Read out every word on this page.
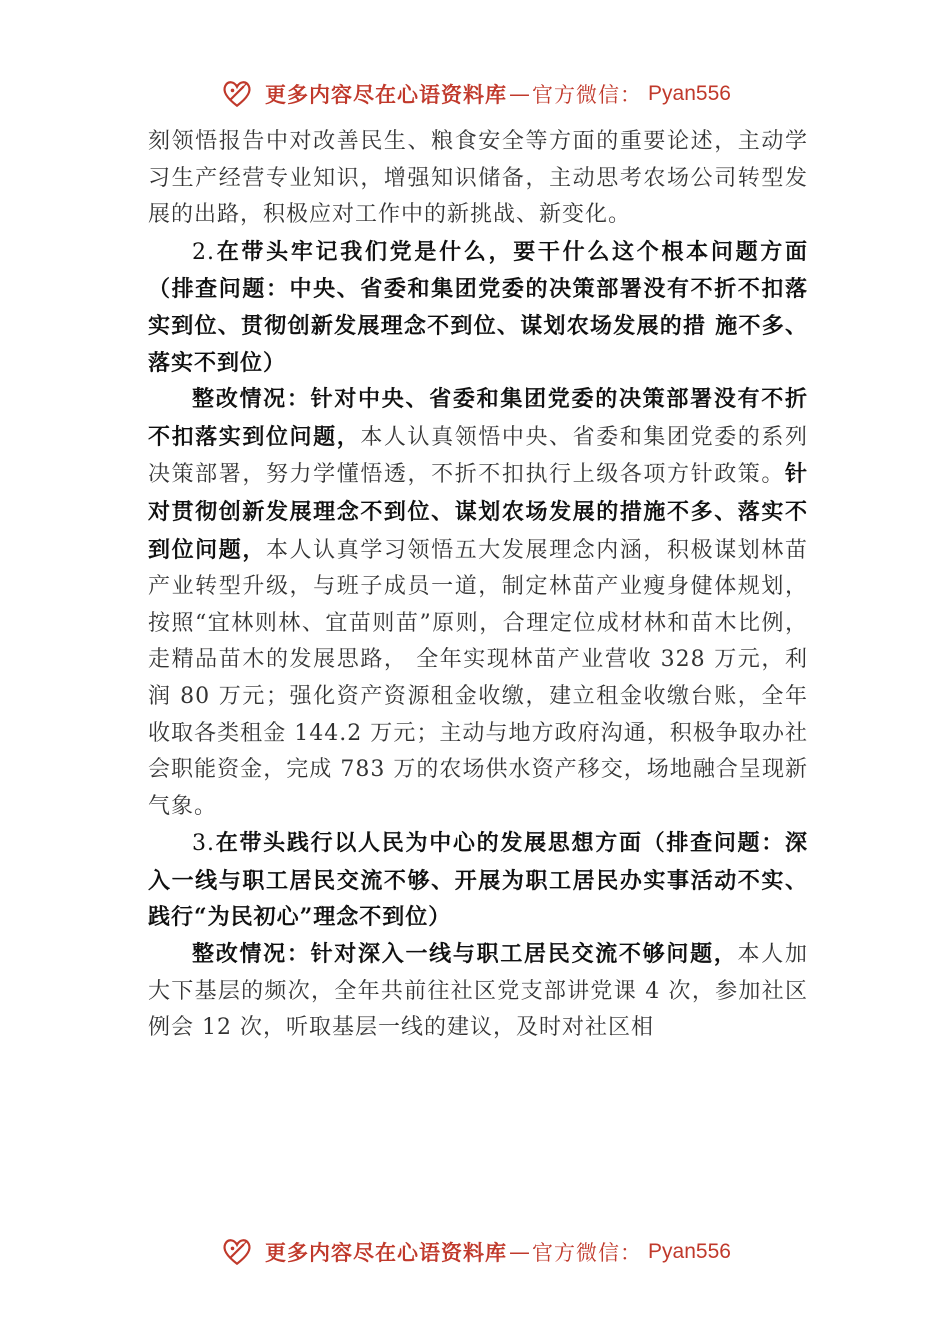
更多内容尽在心语资料库 — 官方微信： Pyan556

刻领悟报告中对改善民生、粮食安全等方面的重要论述，主动学习生产经营专业知识，增强知识储备，主动思考农场公司转型发展的出路，积极应对工作中的新挑战、新变化。

2.在带头牢记我们党是什么，要干什么这个根本问题方面（排查问题：中央、省委和集团党委的决策部署没有不折不扣落实到位、贯彻创新发展理念不到位、谋划农场发展的措 施不多、落实不到位）

整改情况：针对中央、省委和集团党委的决策部署没有不折不扣落实到位问题，本人认真领悟中央、省委和集团党委的系列决策部署，努力学懂悟透，不折不扣执行上级各项方针政策。针对贯彻创新发展理念不到位、谋划农场发展的措施不多、落实不到位问题，本人认真学习领悟五大发展理念内涵，积极谋划林苗产业转型升级，与班子成员一道，制定林苗产业瘦身健体规划，按照“宜林则林、宜苗则苗”原则，合理定位成材林和苗木比例，走精品苗木的发展思路， 全年实现林苗产业营收 328 万元，利润 80 万元；强化资产资源租金收缴，建立租金收缴台账，全年收取各类租金 144.2 万元；主动与地方政府沟通，积极争取办社会职能资金，完成 783 万的农场供水资产移交，场地融合呈现新气象。

3.在带头践行以人民为中心的发展思想方面（排查问题：深入一线与职工居民交流不够、开展为职工居民办实事活动不实、践行“为民初心”理念不到位）

整改情况：针对深入一线与职工居民交流不够问题，本人加大下基层的频次，全年共前往社区党支部讲党课 4 次，参加社区例会 12 次，听取基层一线的建议，及时对社区相

更多内容尽在心语资料库 — 官方微信： Pyan556
